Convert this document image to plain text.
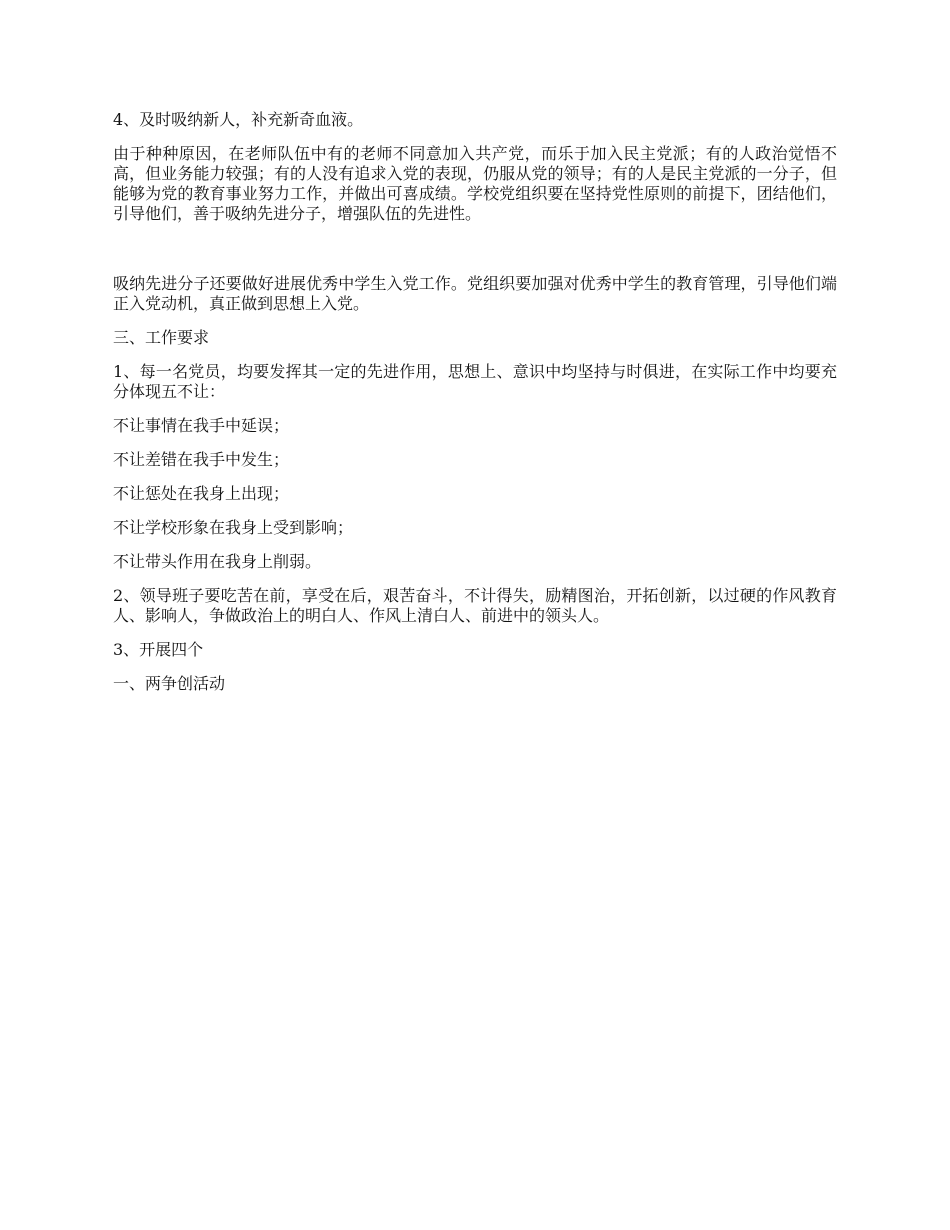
4、及时吸纳新人，补充新奇血液。

由于种种原因，在老师队伍中有的老师不同意加入共产党，而乐于加入民主党派；有的人政治觉悟不高，但业务能力较强；有的人没有追求入党的表现，仍服从党的领导；有的人是民主党派的一分子，但能够为党的教育事业努力工作，并做出可喜成绩。学校党组织要在坚持党性原则的前提下，团结他们，引导他们，善于吸纳先进分子，增强队伍的先进性。

吸纳先进分子还要做好进展优秀中学生入党工作。党组织要加强对优秀中学生的教育管理，引导他们端正入党动机，真正做到思想上入党。

三、工作要求

1、每一名党员，均要发挥其一定的先进作用，思想上、意识中均坚持与时俱进，在实际工作中均要充分体现五不让：

不让事情在我手中延误；

不让差错在我手中发生；

不让惩处在我身上出现；

不让学校形象在我身上受到影响；

不让带头作用在我身上削弱。

2、领导班子要吃苦在前，享受在后，艰苦奋斗，不计得失，励精图治，开拓创新，以过硬的作风教育人、影响人，争做政治上的明白人、作风上清白人、前进中的领头人。

3、开展四个

一、两争创活动
